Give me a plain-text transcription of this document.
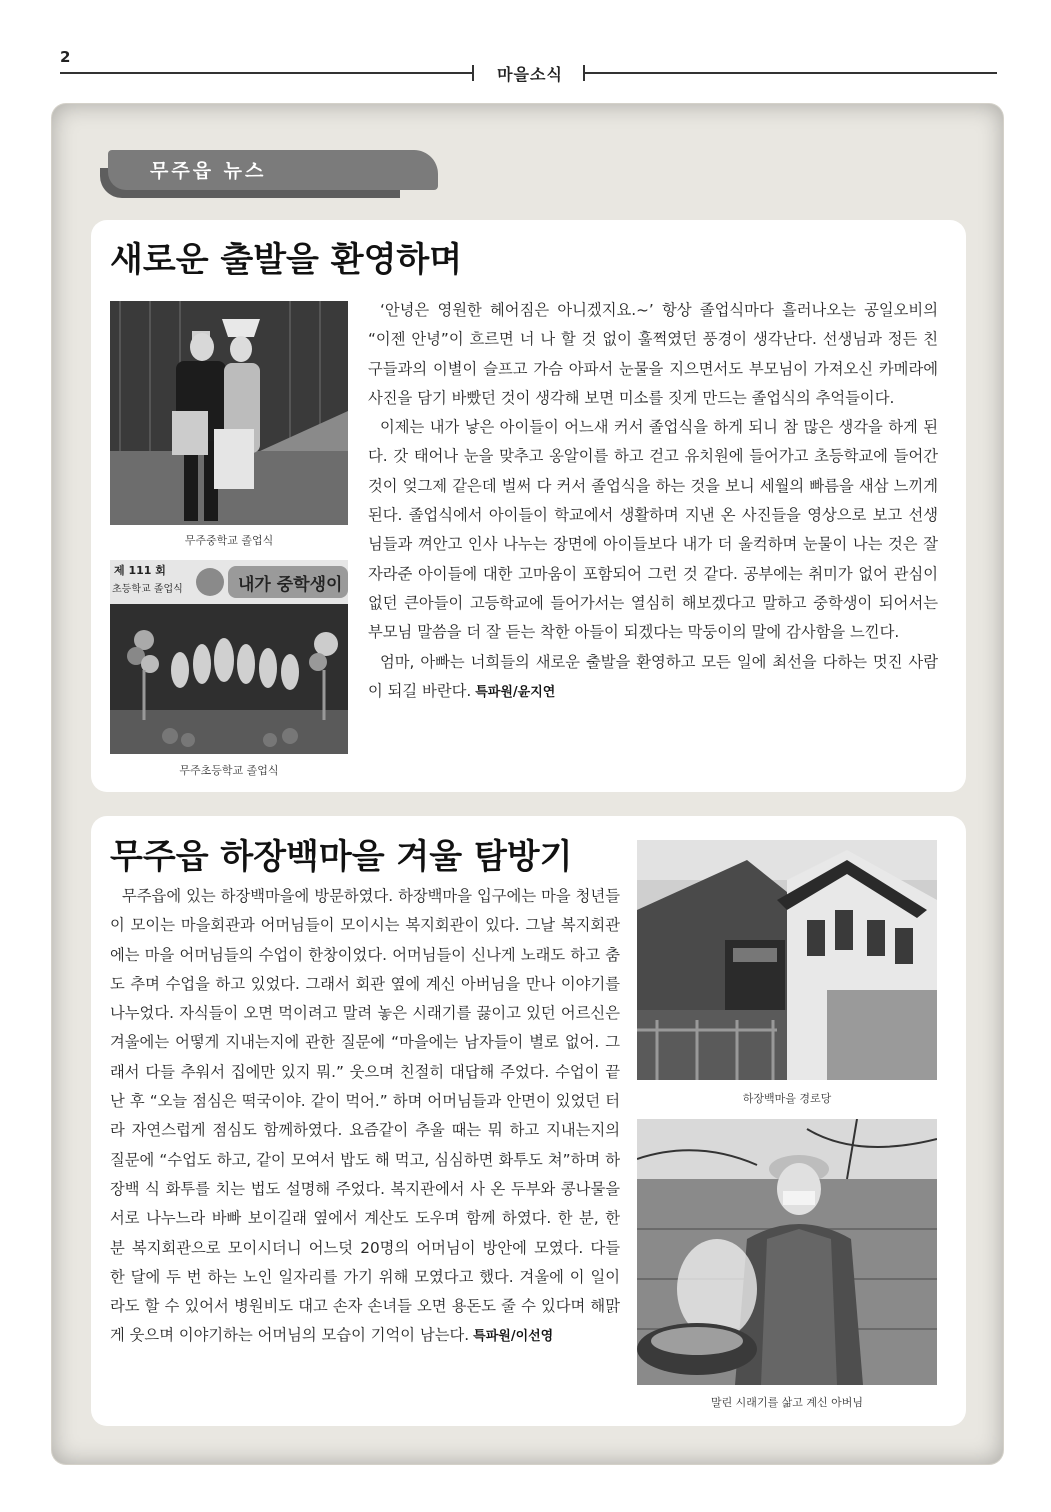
2
마을소식
무주읍 뉴스
새로운 출발을 환영하며
무주중학교 졸업식
제 111 회
초등학교 졸업식	내가 중학생이
무주초등학교 졸업식

‘안녕은 영원한 헤어짐은 아니겠지요.~’ 항상 졸업식마다 흘러나오는 공일오비의 “이젠 안녕”이 흐르면 너 나 할 것 없이 훌쩍였던 풍경이 생각난다. 선생님과 정든 친구들과의 이별이 슬프고 가슴 아파서 눈물을 지으면서도 부모님이 가져오신 카메라에 사진을 담기 바빴던 것이 생각해 보면 미소를 짓게 만드는 졸업식의 추억들이다.

이제는 내가 낳은 아이들이 어느새 커서 졸업식을 하게 되니 참 많은 생각을 하게 된다. 갓 태어나 눈을 맞추고 옹알이를 하고 걷고 유치원에 들어가고 초등학교에 들어간 것이 엊그제 같은데 벌써 다 커서 졸업식을 하는 것을 보니 세월의 빠름을 새삼 느끼게 된다. 졸업식에서 아이들이 학교에서 생활하며 지낸 온 사진들을 영상으로 보고 선생님들과 껴안고 인사 나누는 장면에 아이들보다 내가 더 울컥하며 눈물이 나는 것은 잘 자라준 아이들에 대한 고마움이 포함되어 그런 것 같다. 공부에는 취미가 없어 관심이 없던 큰아들이 고등학교에 들어가서는 열심히 해보겠다고 말하고 중학생이 되어서는 부모님 말씀을 더 잘 듣는 착한 아들이 되겠다는 막둥이의 말에 감사함을 느낀다.

엄마, 아빠는 너희들의 새로운 출발을 환영하고 모든 일에 최선을 다하는 멋진 사람이 되길 바란다. 특파원/윤지연

무주읍 하장백마을 겨울 탐방기

무주읍에 있는 하장백마을에 방문하였다. 하장백마을 입구에는 마을 청년들이 모이는 마을회관과 어머님들이 모이시는 복지회관이 있다. 그날 복지회관에는 마을 어머님들의 수업이 한창이었다. 어머님들이 신나게 노래도 하고 춤도 추며 수업을 하고 있었다. 그래서 회관 옆에 계신 아버님을 만나 이야기를 나누었다. 자식들이 오면 먹이려고 말려 놓은 시래기를 끓이고 있던 어르신은 겨울에는 어떻게 지내는지에 관한 질문에 “마을에는 남자들이 별로 없어. 그래서 다들 추워서 집에만 있지 뭐.” 웃으며 친절히 대답해 주었다. 수업이 끝난 후 “오늘 점심은 떡국이야. 같이 먹어.” 하며 어머님들과 안면이 있었던 터라 자연스럽게 점심도 함께하였다. 요즘같이 추울 때는 뭐 하고 지내는지의 질문에 “수업도 하고, 같이 모여서 밥도 해 먹고, 심심하면 화투도 쳐”하며 하장백 식 화투를 치는 법도 설명해 주었다. 복지관에서 사 온 두부와 콩나물을 서로 나누느라 바빠 보이길래 옆에서 계산도 도우며 함께 하였다. 한 분, 한 분 복지회관으로 모이시더니 어느덧 20명의 어머님이 방안에 모였다. 다들 한 달에 두 번 하는 노인 일자리를 가기 위해 모였다고 했다. 겨울에 이 일이라도 할 수 있어서 병원비도 대고 손자 손녀들 오면 용돈도 줄 수 있다며 해맑게 웃으며 이야기하는 어머님의 모습이 기억이 남는다. 특파원/이선영

하장백마을 경로당
말린 시래기를 삶고 계신 아버님
